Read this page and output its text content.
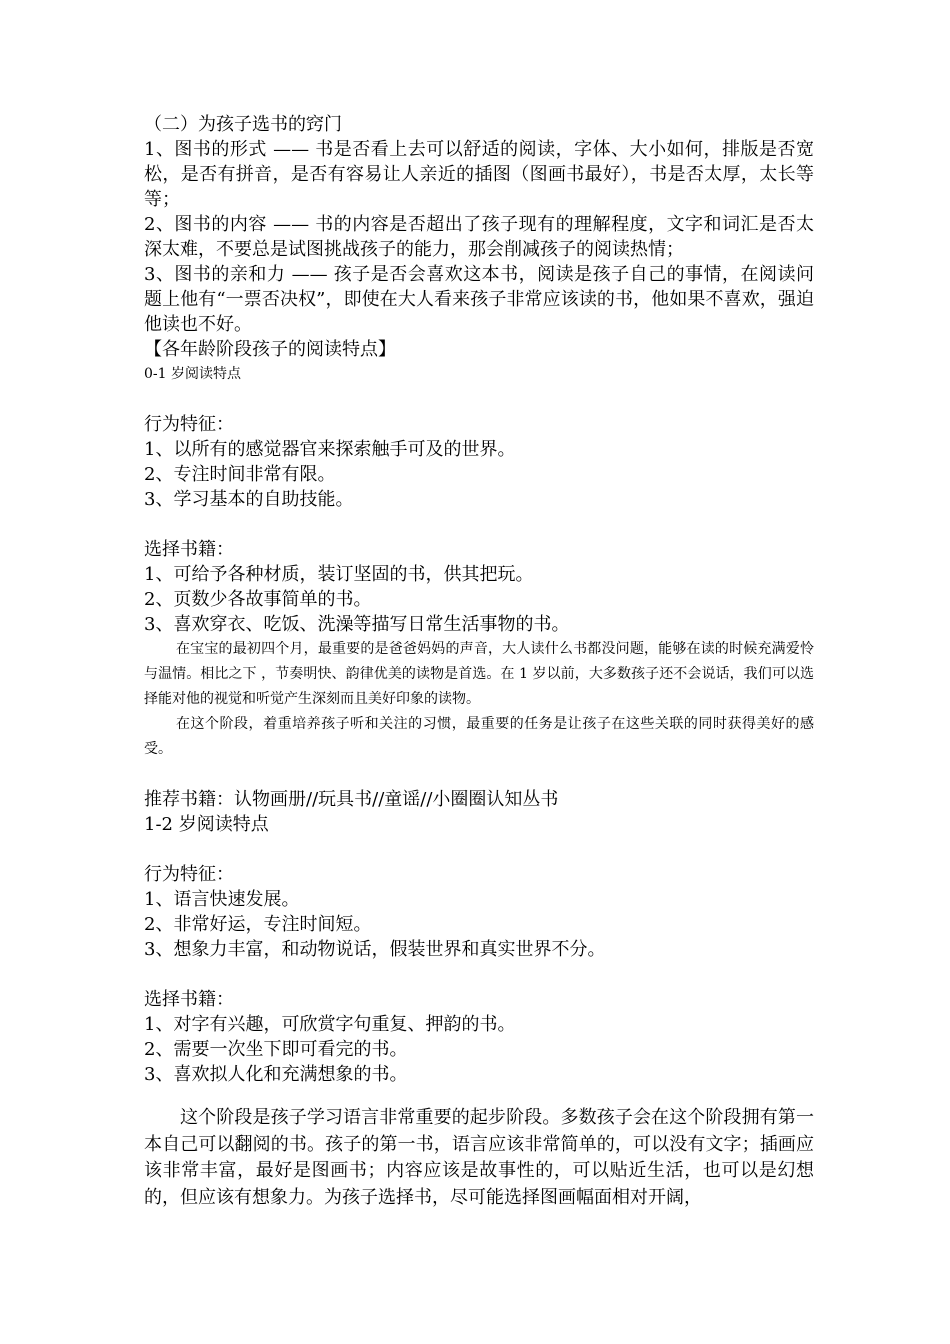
（二）为孩子选书的窍门
1、图书的形式 —— 书是否看上去可以舒适的阅读，字体、大小如何，排版是否宽松，是否有拼音，是否有容易让人亲近的插图（图画书最好），书是否太厚，太长等等；
2、图书的内容 —— 书的内容是否超出了孩子现有的理解程度，文字和词汇是否太深太难，不要总是试图挑战孩子的能力，那会削减孩子的阅读热情；
3、图书的亲和力 —— 孩子是否会喜欢这本书，阅读是孩子自己的事情，在阅读问题上他有“一票否决权”，即使在大人看来孩子非常应该读的书，他如果不喜欢，强迫他读也不好。
【各年龄阶段孩子的阅读特点】
0-1 岁阅读特点
行为特征：
1、以所有的感觉器官来探索触手可及的世界。
2、专注时间非常有限。
3、学习基本的自助技能。
选择书籍：
1、可给予各种材质，装订坚固的书，供其把玩。
2、页数少各故事简单的书。
3、喜欢穿衣、吃饭、洗澡等描写日常生活事物的书。
在宝宝的最初四个月，最重要的是爸爸妈妈的声音，大人读什么书都没问题，能够在读的时候充满爱怜与温情。相比之下 ，节奏明快、韵律优美的读物是首选。在 1 岁以前，大多数孩子还不会说话，我们可以选择能对他的视觉和听觉产生深刻而且美好印象的读物。
在这个阶段，着重培养孩子听和关注的习惯，最重要的任务是让孩子在这些关联的同时获得美好的感受。
推荐书籍：认物画册//玩具书//童谣//小圈圈认知丛书
1-2 岁阅读特点
行为特征：
1、语言快速发展。
2、非常好运，专注时间短。
3、想象力丰富，和动物说话，假装世界和真实世界不分。
选择书籍：
1、对字有兴趣，可欣赏字句重复、押韵的书。
2、需要一次坐下即可看完的书。
3、喜欢拟人化和充满想象的书。
这个阶段是孩子学习语言非常重要的起步阶段。多数孩子会在这个阶段拥有第一本自己可以翻阅的书。孩子的第一书，语言应该非常简单的，可以没有文字；插画应该非常丰富，最好是图画书；内容应该是故事性的，可以贴近生活，也可以是幻想的，但应该有想象力。为孩子选择书，尽可能选择图画幅面相对开阔，
